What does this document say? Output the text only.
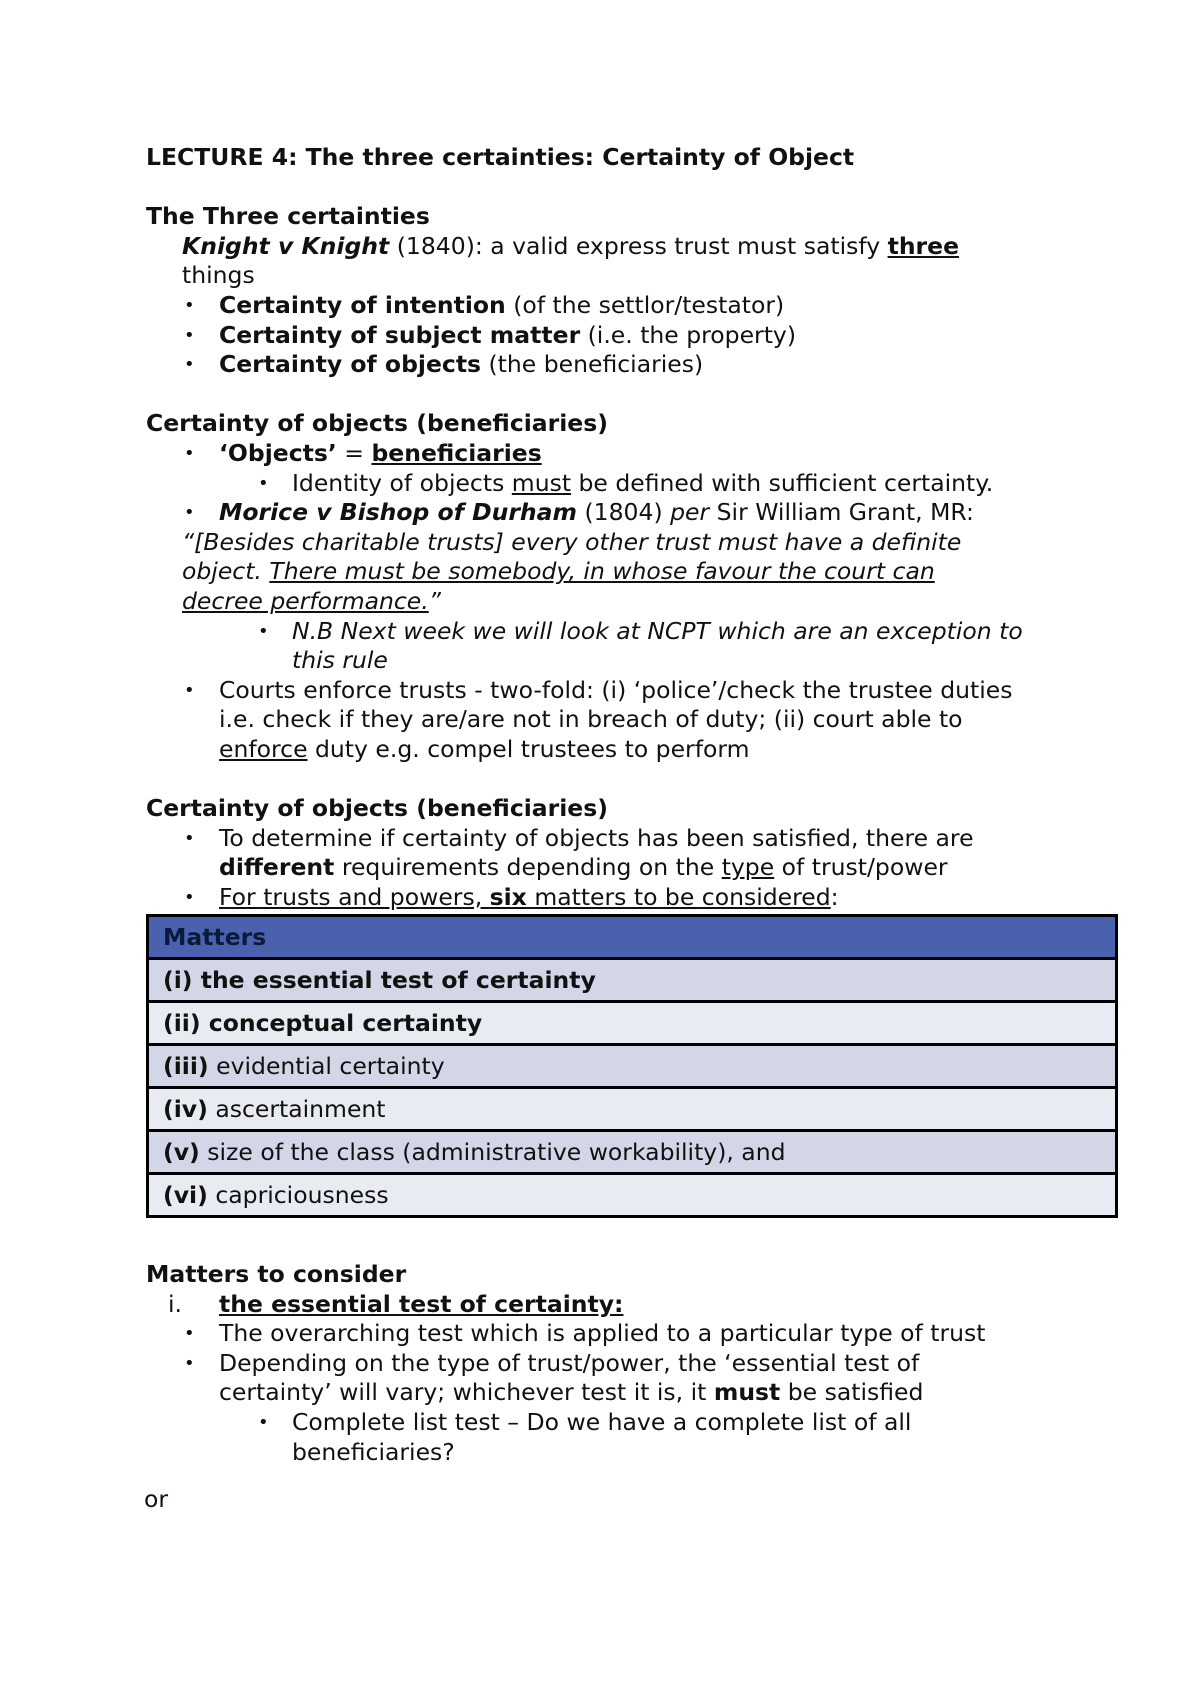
LECTURE 4: The three certainties: Certainty of Object
The Three certainties
Knight v Knight (1840): a valid express trust must satisfy three
things
• Certainty of intention (of the settlor/testator)
• Certainty of subject matter (i.e. the property)
• Certainty of objects (the beneficiaries)
Certainty of objects (beneficiaries)
• ‘Objects’ = beneficiaries
• Identity of objects must be defined with sufficient certainty.
• Morice v Bishop of Durham (1804) per Sir William Grant, MR:
“[Besides charitable trusts] every other trust must have a definite
object. There must be somebody, in whose favour the court can
decree performance.”
• N.B Next week we will look at NCPT which are an exception to
this rule
• Courts enforce trusts - two-fold: (i) ‘police’/check the trustee duties
i.e. check if they are/are not in breach of duty; (ii) court able to
enforce duty e.g. compel trustees to perform
Certainty of objects (beneficiaries)
• To determine if certainty of objects has been satisfied, there are
different requirements depending on the type of trust/power
• For trusts and powers, six matters to be considered:
Matters
(i) the essential test of certainty
(ii) conceptual certainty
(iii) evidential certainty
(iv) ascertainment
(v) size of the class (administrative workability), and
(vi) capriciousness
Matters to consider
i. the essential test of certainty:
• The overarching test which is applied to a particular type of trust
• Depending on the type of trust/power, the ‘essential test of
certainty’ will vary; whichever test it is, it must be satisfied
• Complete list test – Do we have a complete list of all
beneficiaries?
or
